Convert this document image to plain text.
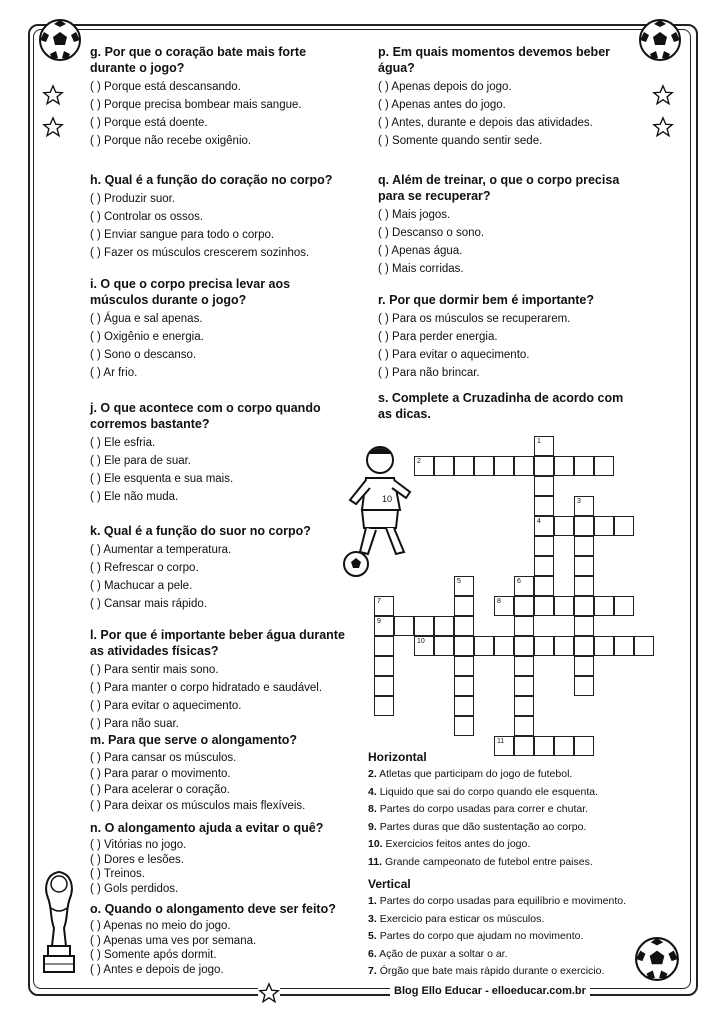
g. Por que o coração bate mais forte
durante o jogo?

( ) Porque está descansando.

( ) Porque precisa bombear mais sangue.

( ) Porque está doente.

( ) Porque não recebe oxigênio.

h. Qual é a função do coração no corpo?

( ) Produzir suor.

( ) Controlar os ossos.

( ) Enviar sangue para todo o corpo.

( ) Fazer os músculos crescerem sozinhos.

i. O que o corpo precisa levar aos
músculos durante o jogo?

( ) Água e sal apenas.

( ) Oxigênio e energia.

( ) Sono o descanso.

( ) Ar frio.

j. O que acontece com o corpo quando
corremos bastante?

( ) Ele esfria.

( ) Ele para de suar.

( ) Ele esquenta e sua mais.

( ) Ele não muda.

k. Qual é a função do suor no corpo?

( ) Aumentar a temperatura.

( ) Refrescar o corpo.

( ) Machucar a pele.

( ) Cansar mais rápido.

l. Por que é importante beber água durante
as atividades físicas?

( ) Para sentir mais sono.

( ) Para manter o corpo hidratado e saudável.

( ) Para evitar o aquecimento.

( ) Para não suar.

m. Para que serve o alongamento?

( ) Para cansar os músculos.

( ) Para parar o movimento.

( ) Para acelerar o coração.

( ) Para deixar os músculos mais flexíveis.

n. O alongamento ajuda a evitar o quê?

( ) Vitórias no jogo.

( ) Dores e lesões.

( ) Treinos.

( ) Gols perdidos.

o. Quando o alongamento deve ser feito?

( ) Apenas no meio do jogo.

( ) Apenas uma ves por semana.

( ) Somente após dormit.

( ) Antes e depois de jogo.

p. Em quais momentos devemos beber
água?

( ) Apenas depois do jogo.

( ) Apenas antes do jogo.

( ) Antes, durante e depois das atividades.

( ) Somente quando sentir sede.

q. Além de treinar, o que o corpo precisa
para se recuperar?

( ) Mais jogos.

( ) Descanso o sono.

( ) Apenas água.

( ) Mais corridas.

r. Por que dormir bem é importante?

( ) Para os músculos se recuperarem.

( ) Para perder energia.

( ) Para evitar o aquecimento.

( ) Para não brincar.

s. Complete a Cruzadinha de acordo com
as dicas.

10
1
4
2
3
5	6
7
9
8
10
11

Horizontal

2. Atletas que participam do jogo de futebol.

4. Liquido que sai do corpo quando ele esquenta.

8. Partes do corpo usadas para correr e chutar.

9. Partes duras que dão sustentação ao corpo.

10. Exercicios feitos antes do jogo.

11. Grande campeonato de futebol entre paises.

Vertical

1. Partes do corpo usadas para equilíbrio e movimento.

3. Exercicio para esticar os músculos.

5. Partes do corpo que ajudam no movimento.

6. Ação de puxar a soltar o ar.

7. Órgão que bate mais rápido durante o exercicio.

Blog Ello Educar - elloeducar.com.br
